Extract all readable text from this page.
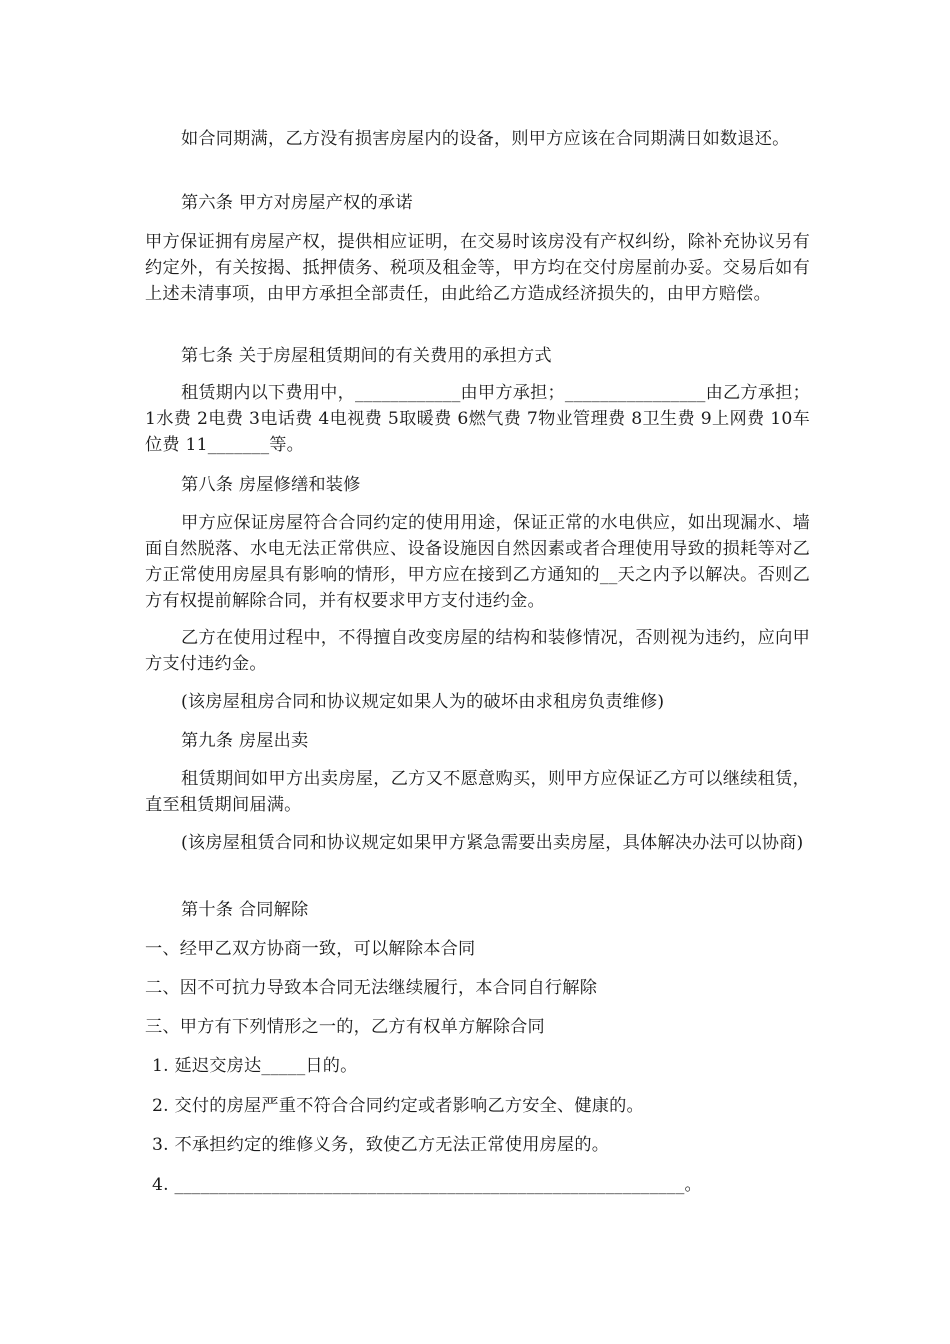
如合同期满，乙方没有损害房屋内的设备，则甲方应该在合同期满日如数退还。

第六条 甲方对房屋产权的承诺

甲方保证拥有房屋产权，提供相应证明，在交易时该房没有产权纠纷，除补充协议另有约定外，有关按揭、抵押债务、税项及租金等，甲方均在交付房屋前办妥。交易后如有上述未清事项，由甲方承担全部责任，由此给乙方造成经济损失的，由甲方赔偿。

第七条 关于房屋租赁期间的有关费用的承担方式

租赁期内以下费用中，____________由甲方承担；________________由乙方承担；1水费 2电费 3电话费 4电视费 5取暖费 6燃气费 7物业管理费 8卫生费 9上网费 10车位费 11_______等。

第八条 房屋修缮和装修

甲方应保证房屋符合合同约定的使用用途，保证正常的水电供应，如出现漏水、墙面自然脱落、水电无法正常供应、设备设施因自然因素或者合理使用导致的损耗等对乙方正常使用房屋具有影响的情形，甲方应在接到乙方通知的__天之内予以解决。否则乙方有权提前解除合同，并有权要求甲方支付违约金。

乙方在使用过程中，不得擅自改变房屋的结构和装修情况，否则视为违约，应向甲方支付违约金。

(该房屋租房合同和协议规定如果人为的破坏由求租房负责维修)

第九条 房屋出卖

租赁期间如甲方出卖房屋，乙方又不愿意购买，则甲方应保证乙方可以继续租赁，直至租赁期间届满。

(该房屋租赁合同和协议规定如果甲方紧急需要出卖房屋，具体解决办法可以协商)

第十条 合同解除

一、经甲乙双方协商一致，可以解除本合同

二、因不可抗力导致本合同无法继续履行，本合同自行解除

三、甲方有下列情形之一的，乙方有权单方解除合同

1. 延迟交房达_____日的。

2. 交付的房屋严重不符合合同约定或者影响乙方安全、健康的。

3. 不承担约定的维修义务，致使乙方无法正常使用房屋的。

4. __________________________________________________________。
